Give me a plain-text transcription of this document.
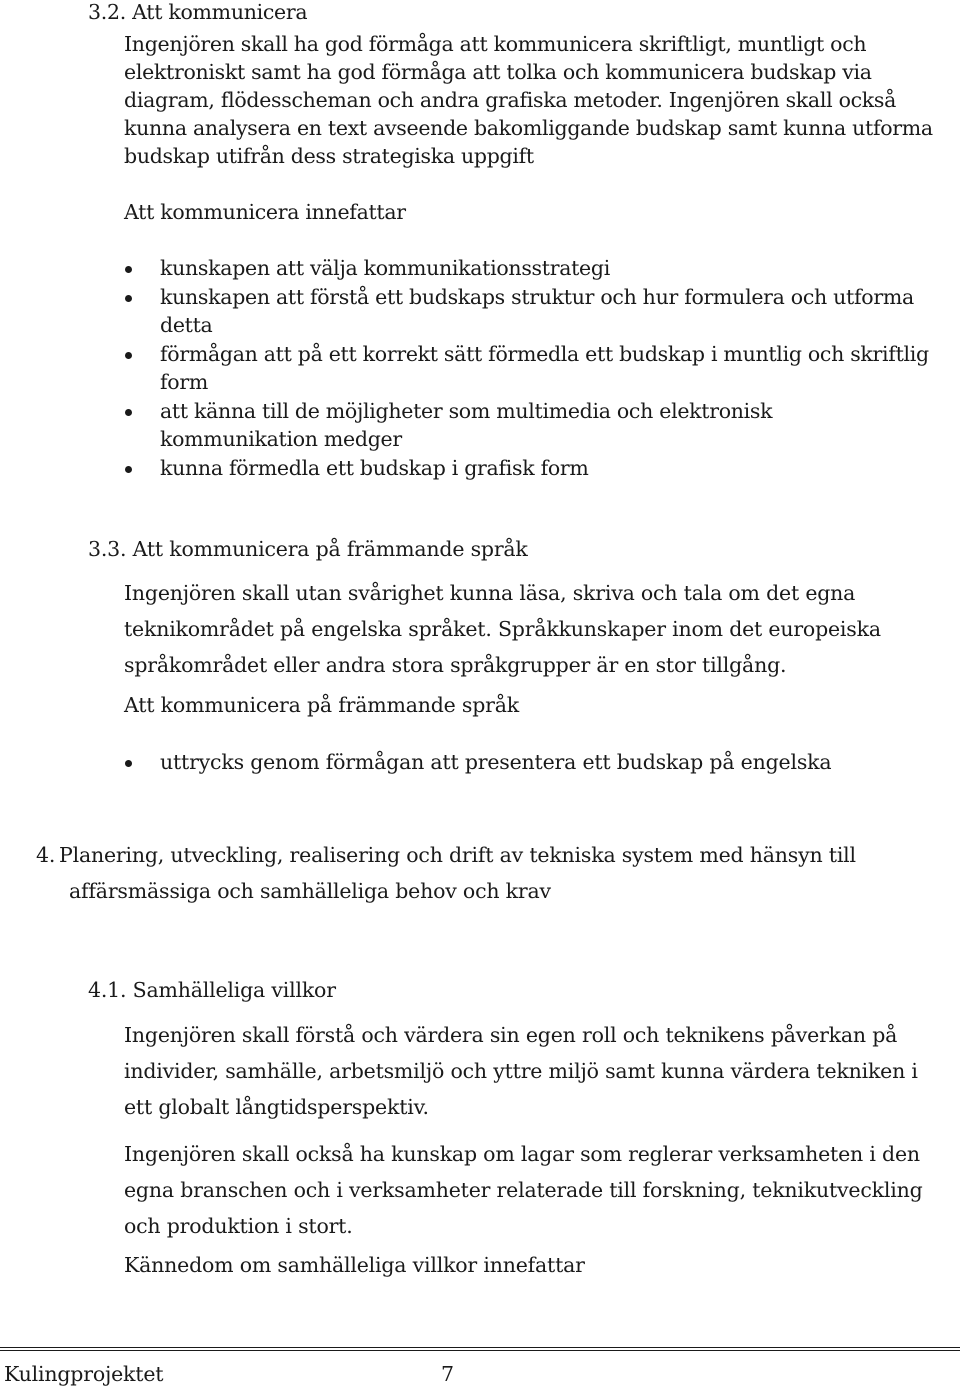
3.2. Att kommunicera
Ingenjören skall ha god förmåga att kommunicera skriftligt, muntligt och
elektroniskt samt ha god förmåga att tolka och kommunicera budskap via
diagram, flödesscheman och andra grafiska metoder. Ingenjören skall också
kunna analysera en text avseende bakomliggande budskap samt kunna utforma
budskap utifrån dess strategiska uppgift
Att kommunicera innefattar
kunskapen att välja kommunikationsstrategi
kunskapen att förstå ett budskaps struktur och hur formulera och utforma
detta
förmågan att på ett korrekt sätt förmedla ett budskap i muntlig och skriftlig
form
att känna till de möjligheter som multimedia och elektronisk
kommunikation medger
kunna förmedla ett budskap i grafisk form
3.3. Att kommunicera på främmande språk
Ingenjören skall utan svårighet kunna läsa, skriva och tala om det egna
teknikområdet på engelska språket. Språkkunskaper inom det europeiska
språkområdet eller andra stora språkgrupper är en stor tillgång.
Att kommunicera på främmande språk
uttrycks genom förmågan att presentera ett budskap på engelska
4. Planering, utveckling, realisering och drift av tekniska system med hänsyn till
affärsmässiga och samhälleliga behov och krav
4.1. Samhälleliga villkor
Ingenjören skall förstå och värdera sin egen roll och teknikens påverkan på
individer, samhälle, arbetsmiljö och yttre miljö samt kunna värdera tekniken i
ett globalt långtidsperspektiv.
Ingenjören skall också ha kunskap om lagar som reglerar verksamheten i den
egna branschen och i verksamheter relaterade till forskning, teknikutveckling
och produktion i stort.
Kännedom om samhälleliga villkor innefattar
Kulingprojektet	7
